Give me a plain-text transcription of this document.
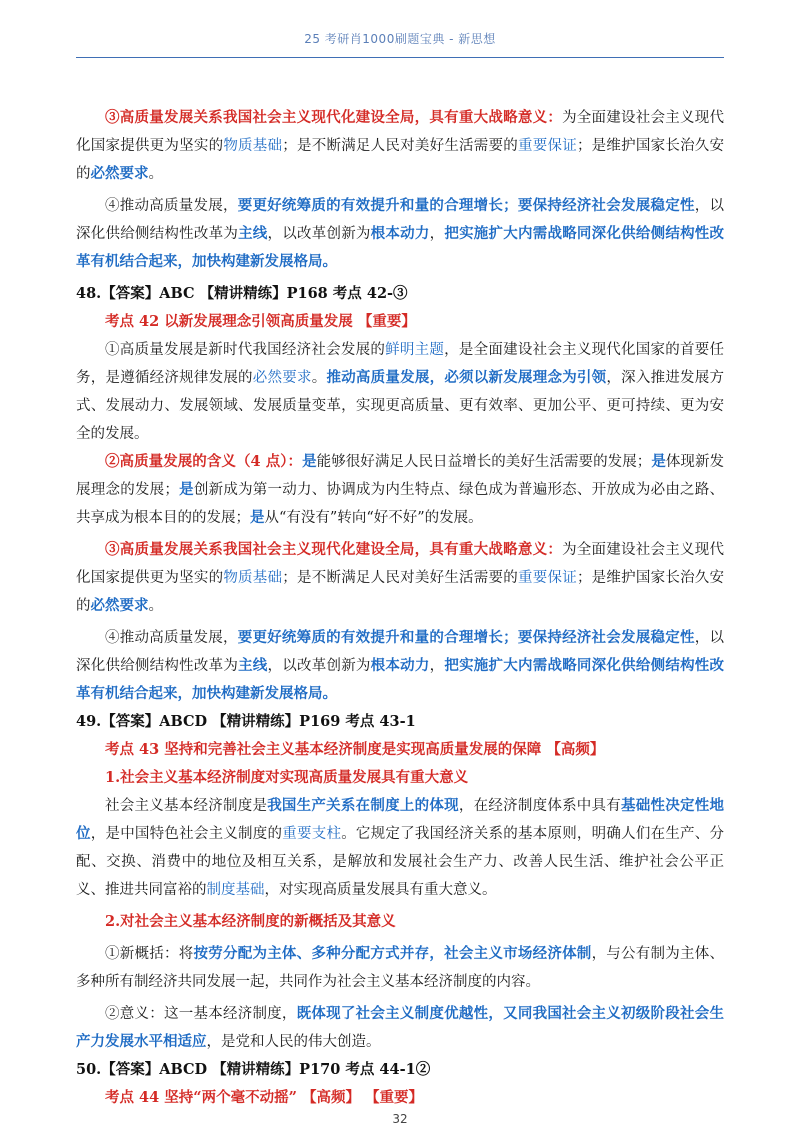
25 考研肖1000刷题宝典 - 新思想

③高质量发展关系我国社会主义现代化建设全局，具有重大战略意义：为全面建设社会主义现代化国家提供更为坚实的物质基础；是不断满足人民对美好生活需要的重要保证；是维护国家长治久安的必然要求。

④推动高质量发展，要更好统筹质的有效提升和量的合理增长；要保持经济社会发展稳定性，以深化供给侧结构性改革为主线，以改革创新为根本动力，把实施扩大内需战略同深化供给侧结构性改革有机结合起来，加快构建新发展格局。

48.【答案】ABC 【精讲精练】P168 考点 42-③

考点 42 以新发展理念引领高质量发展 【重要】

①高质量发展是新时代我国经济社会发展的鲜明主题，是全面建设社会主义现代化国家的首要任务，是遵循经济规律发展的必然要求。推动高质量发展，必须以新发展理念为引领，深入推进发展方式、发展动力、发展领域、发展质量变革，实现更高质量、更有效率、更加公平、更可持续、更为安全的发展。

②高质量发展的含义（4 点）：是能够很好满足人民日益增长的美好生活需要的发展；是体现新发展理念的发展；是创新成为第一动力、协调成为内生特点、绿色成为普遍形态、开放成为必由之路、共享成为根本目的的发展；是从“有没有”转向“好不好”的发展。

③高质量发展关系我国社会主义现代化建设全局，具有重大战略意义：为全面建设社会主义现代化国家提供更为坚实的物质基础；是不断满足人民对美好生活需要的重要保证；是维护国家长治久安的必然要求。

④推动高质量发展，要更好统筹质的有效提升和量的合理增长；要保持经济社会发展稳定性，以深化供给侧结构性改革为主线，以改革创新为根本动力，把实施扩大内需战略同深化供给侧结构性改革有机结合起来，加快构建新发展格局。

49.【答案】ABCD 【精讲精练】P169 考点 43-1

考点 43 坚持和完善社会主义基本经济制度是实现高质量发展的保障 【高频】

1.社会主义基本经济制度对实现高质量发展具有重大意义

社会主义基本经济制度是我国生产关系在制度上的体现，在经济制度体系中具有基础性决定性地位，是中国特色社会主义制度的重要支柱。它规定了我国经济关系的基本原则，明确人们在生产、分配、交换、消费中的地位及相互关系，是解放和发展社会生产力、改善人民生活、维护社会公平正义、推进共同富裕的制度基础，对实现高质量发展具有重大意义。

2.对社会主义基本经济制度的新概括及其意义

①新概括：将按劳分配为主体、多种分配方式并存，社会主义市场经济体制，与公有制为主体、多种所有制经济共同发展一起，共同作为社会主义基本经济制度的内容。

②意义：这一基本经济制度，既体现了社会主义制度优越性，又同我国社会主义初级阶段社会生产力发展水平相适应，是党和人民的伟大创造。

50.【答案】ABCD 【精讲精练】P170 考点 44-1②

考点 44 坚持“两个毫不动摇” 【高频】 【重要】

32
